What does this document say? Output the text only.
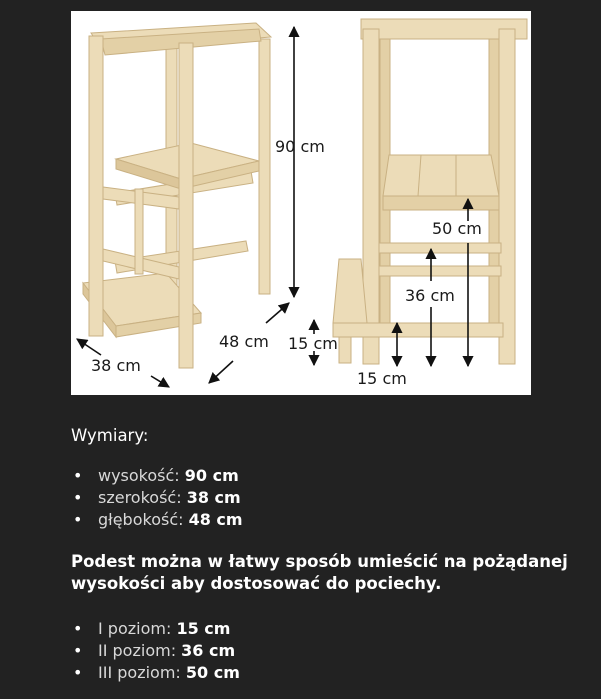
90 cm
38 cm
48 cm 15 cm
15 cm
36 cm
50 cm

Wymiary:

• wysokość: 90 cm
• szerokość: 38 cm
• głębokość: 48 cm

Podest można w łatwy sposób umieścić na pożądanej wysokości aby dostosować do pociechy.

• I poziom: 15 cm
• II poziom: 36 cm
• III poziom: 50 cm
